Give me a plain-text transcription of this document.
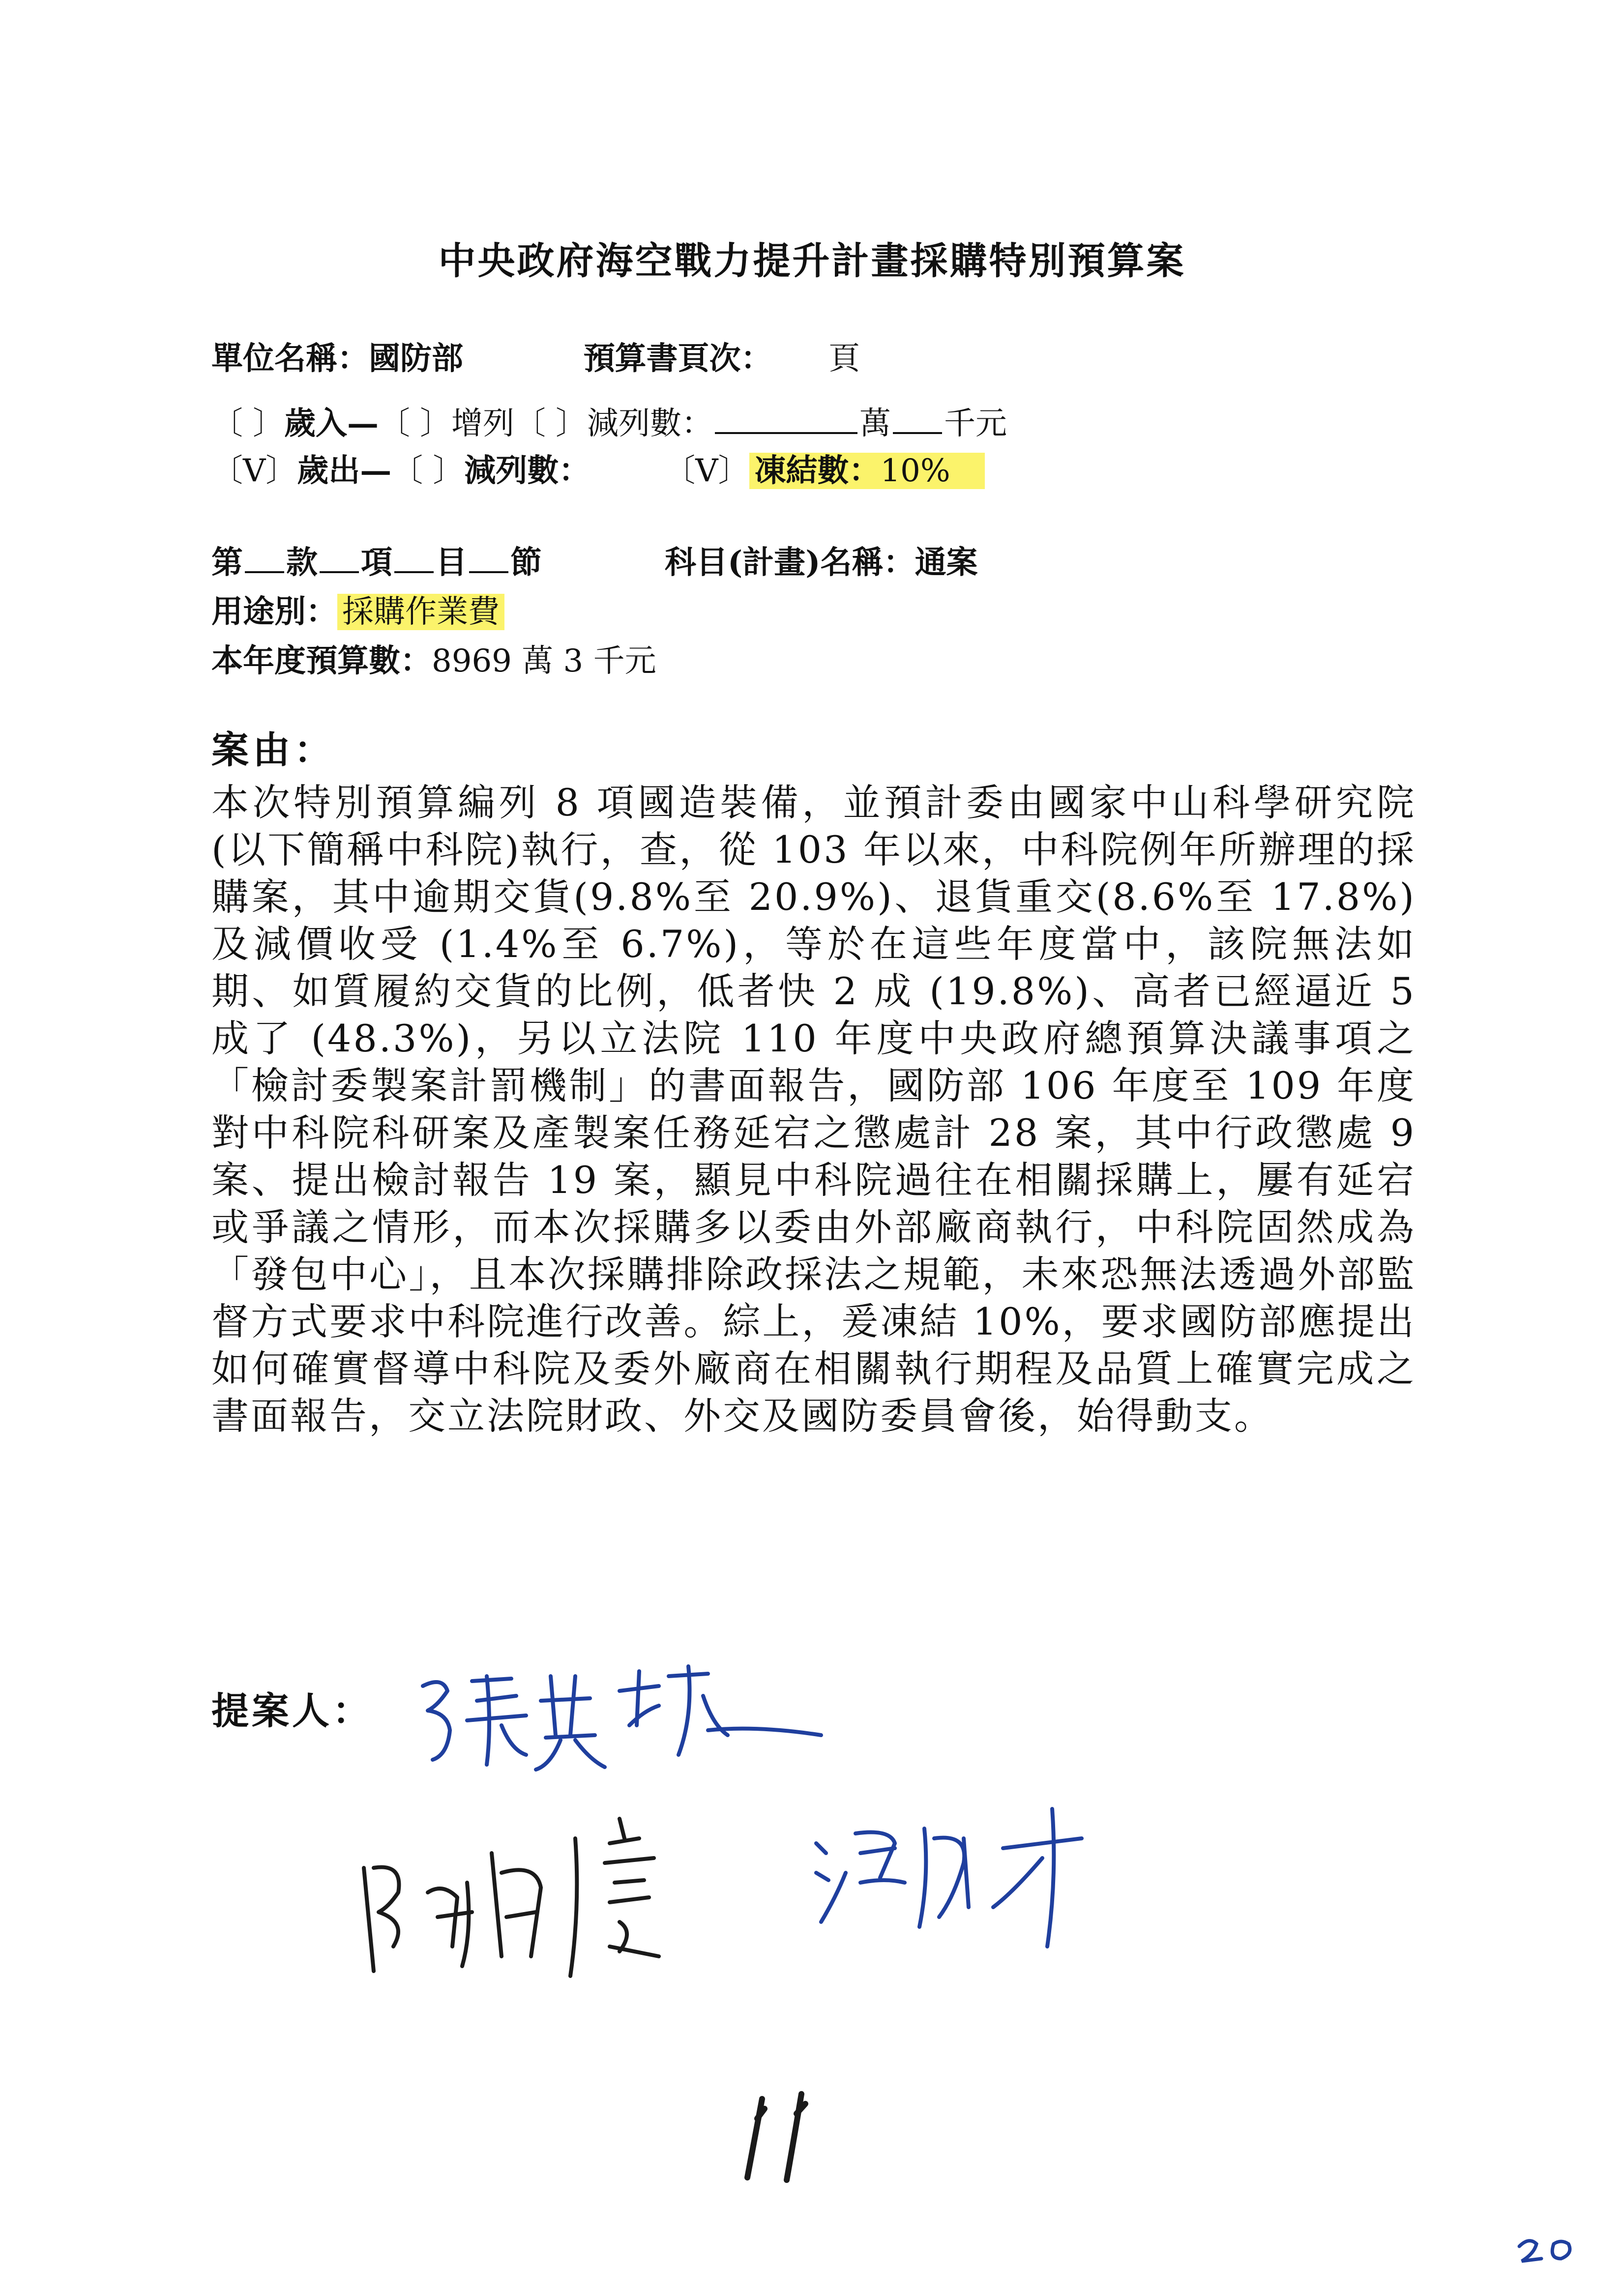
中央政府海空戰力提升計畫採購特別預算案
單位名稱：國防部	預算書頁次： 頁
〔 〕歲入—〔 〕增列〔 〕減列數：	萬 千元
〔V〕歲出—〔 〕減列數： 〔V〕 凍結數：10%
第 款 項 目 節	科目(計畫)名稱：通案
用途別： 採購作業費
本年度預算數：8969 萬 3 千元
案由：
本次特別預算編列 8 項國造裝備，並預計委由國家中山科學研究院(以下簡稱中科院)執行，查，從 103 年以來，中科院例年所辦理的採購案，其中逾期交貨(9.8%至 20.9%)、退貨重交(8.6%至 17.8%) 及減價收受 (1.4%至 6.7%)，等於在這些年度當中，該院無法如期、如質履約交貨的比例，低者快 2 成 (19.8%)、高者已經逼近 5 成了 (48.3%)，另以立法院 110 年度中央政府總預算決議事項之「檢討委製案計罰機制」的書面報告，國防部 106 年度至 109 年度對中科院科研案及產製案任務延宕之懲處計 28 案，其中行政懲處 9 案、提出檢討報告 19 案，顯見中科院過往在相關採購上，屢有延宕或爭議之情形，而本次採購多以委由外部廠商執行，中科院固然成為「發包中心」，且本次採購排除政採法之規範，未來恐無法透過外部監督方式要求中科院進行改善。綜上，爰凍結 10%，要求國防部應提出如何確實督導中科院及委外廠商在相關執行期程及品質上確實完成之書面報告，交立法院財政、外交及國防委員會後，始得動支。
提案人：
